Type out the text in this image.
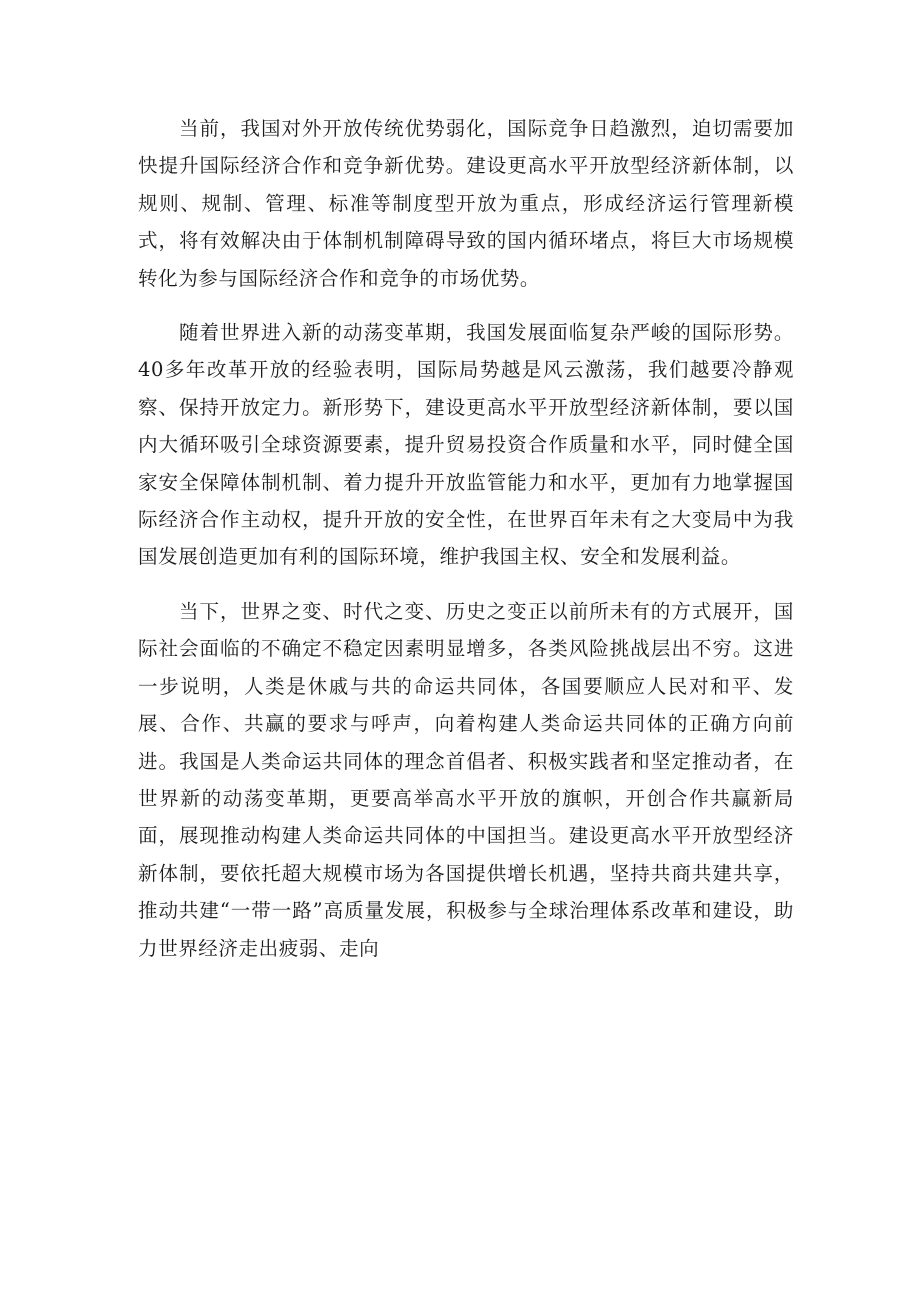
当前，我国对外开放传统优势弱化，国际竞争日趋激烈，迫切需要加快提升国际经济合作和竞争新优势。建设更高水平开放型经济新体制，以规则、规制、管理、标准等制度型开放为重点，形成经济运行管理新模式，将有效解决由于体制机制障碍导致的国内循环堵点，将巨大市场规模转化为参与国际经济合作和竞争的市场优势。

随着世界进入新的动荡变革期，我国发展面临复杂严峻的国际形势。40多年改革开放的经验表明，国际局势越是风云激荡，我们越要冷静观察、保持开放定力。新形势下，建设更高水平开放型经济新体制，要以国内大循环吸引全球资源要素，提升贸易投资合作质量和水平，同时健全国家安全保障体制机制、着力提升开放监管能力和水平，更加有力地掌握国际经济合作主动权，提升开放的安全性，在世界百年未有之大变局中为我国发展创造更加有利的国际环境，维护我国主权、安全和发展利益。

当下，世界之变、时代之变、历史之变正以前所未有的方式展开，国际社会面临的不确定不稳定因素明显增多，各类风险挑战层出不穷。这进一步说明，人类是休戚与共的命运共同体，各国要顺应人民对和平、发展、合作、共赢的要求与呼声，向着构建人类命运共同体的正确方向前进。我国是人类命运共同体的理念首倡者、积极实践者和坚定推动者，在世界新的动荡变革期，更要高举高水平开放的旗帜，开创合作共赢新局面，展现推动构建人类命运共同体的中国担当。建设更高水平开放型经济新体制，要依托超大规模市场为各国提供增长机遇，坚持共商共建共享，推动共建“一带一路”高质量发展，积极参与全球治理体系改革和建设，助力世界经济走出疲弱、走向
